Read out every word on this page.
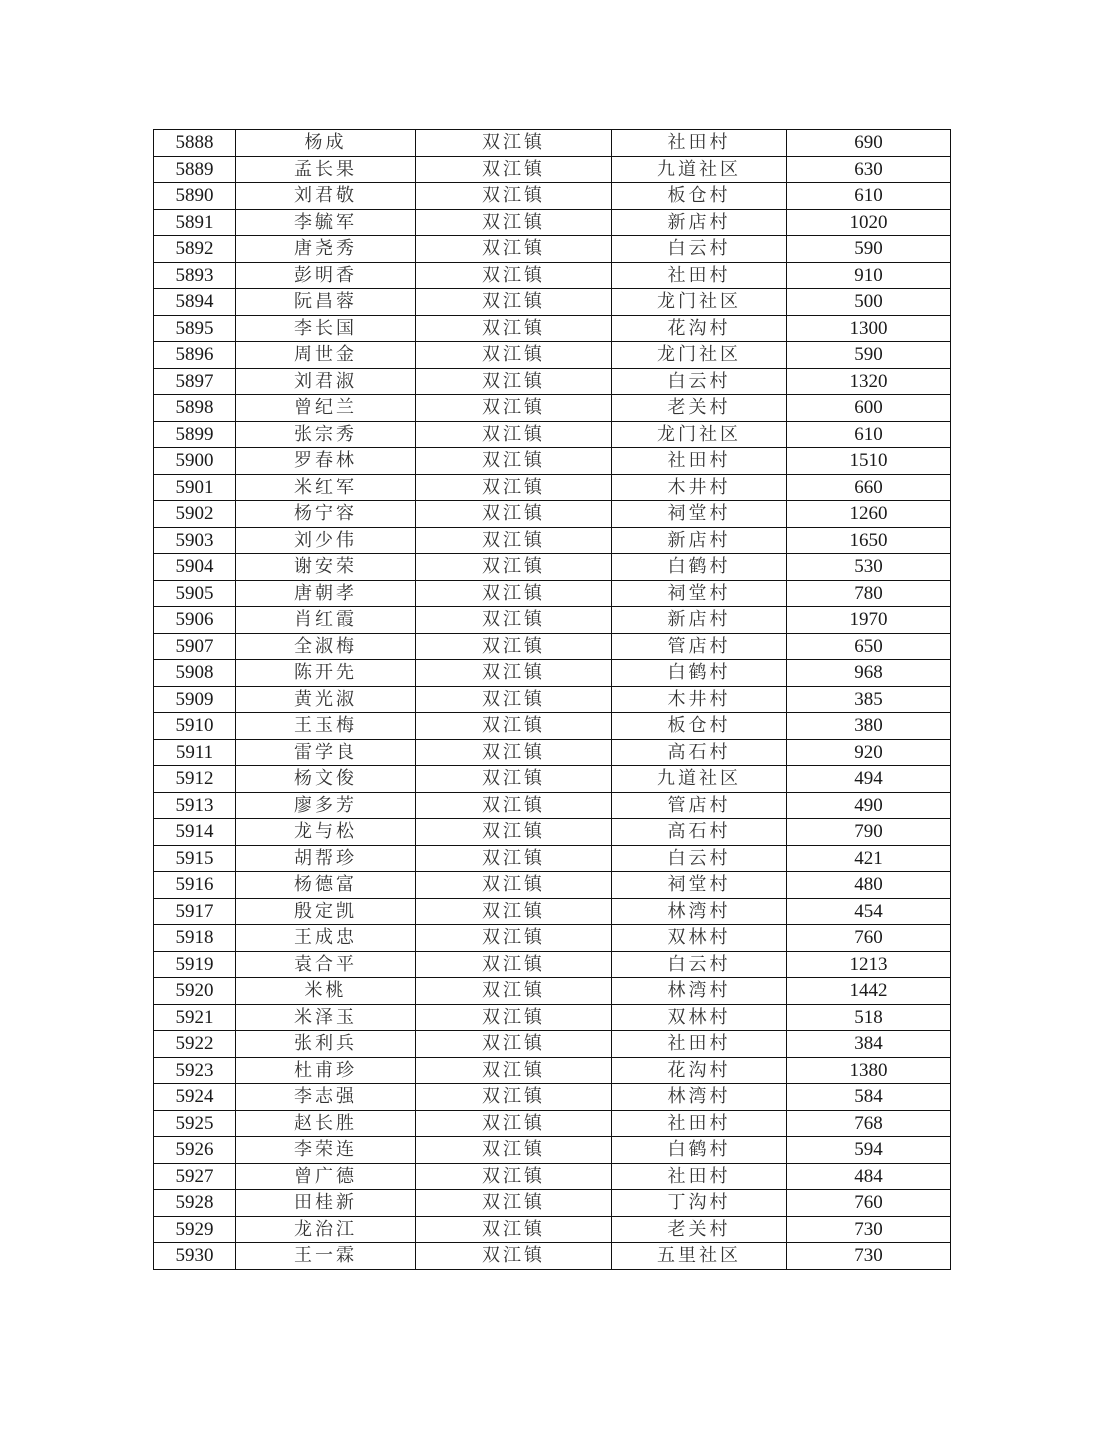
5888	杨成	双江镇	社田村	690
5889	孟长果	双江镇	九道社区	630
5890	刘君敬	双江镇	板仓村	610
5891	李毓军	双江镇	新店村	1020
5892	唐尧秀	双江镇	白云村	590
5893	彭明香	双江镇	社田村	910
5894	阮昌蓉	双江镇	龙门社区	500
5895	李长国	双江镇	花沟村	1300
5896	周世金	双江镇	龙门社区	590
5897	刘君淑	双江镇	白云村	1320
5898	曾纪兰	双江镇	老关村	600
5899	张宗秀	双江镇	龙门社区	610
5900	罗春林	双江镇	社田村	1510
5901	米红军	双江镇	木井村	660
5902	杨宁容	双江镇	祠堂村	1260
5903	刘少伟	双江镇	新店村	1650
5904	谢安荣	双江镇	白鹤村	530
5905	唐朝孝	双江镇	祠堂村	780
5906	肖红霞	双江镇	新店村	1970
5907	全淑梅	双江镇	管店村	650
5908	陈开先	双江镇	白鹤村	968
5909	黄光淑	双江镇	木井村	385
5910	王玉梅	双江镇	板仓村	380
5911	雷学良	双江镇	高石村	920
5912	杨文俊	双江镇	九道社区	494
5913	廖多芳	双江镇	管店村	490
5914	龙与松	双江镇	高石村	790
5915	胡帮珍	双江镇	白云村	421
5916	杨德富	双江镇	祠堂村	480
5917	殷定凯	双江镇	林湾村	454
5918	王成忠	双江镇	双林村	760
5919	袁合平	双江镇	白云村	1213
5920	米桃	双江镇	林湾村	1442
5921	米泽玉	双江镇	双林村	518
5922	张利兵	双江镇	社田村	384
5923	杜甫珍	双江镇	花沟村	1380
5924	李志强	双江镇	林湾村	584
5925	赵长胜	双江镇	社田村	768
5926	李荣连	双江镇	白鹤村	594
5927	曾广德	双江镇	社田村	484
5928	田桂新	双江镇	丁沟村	760
5929	龙治江	双江镇	老关村	730
5930	王一霖	双江镇	五里社区	730
